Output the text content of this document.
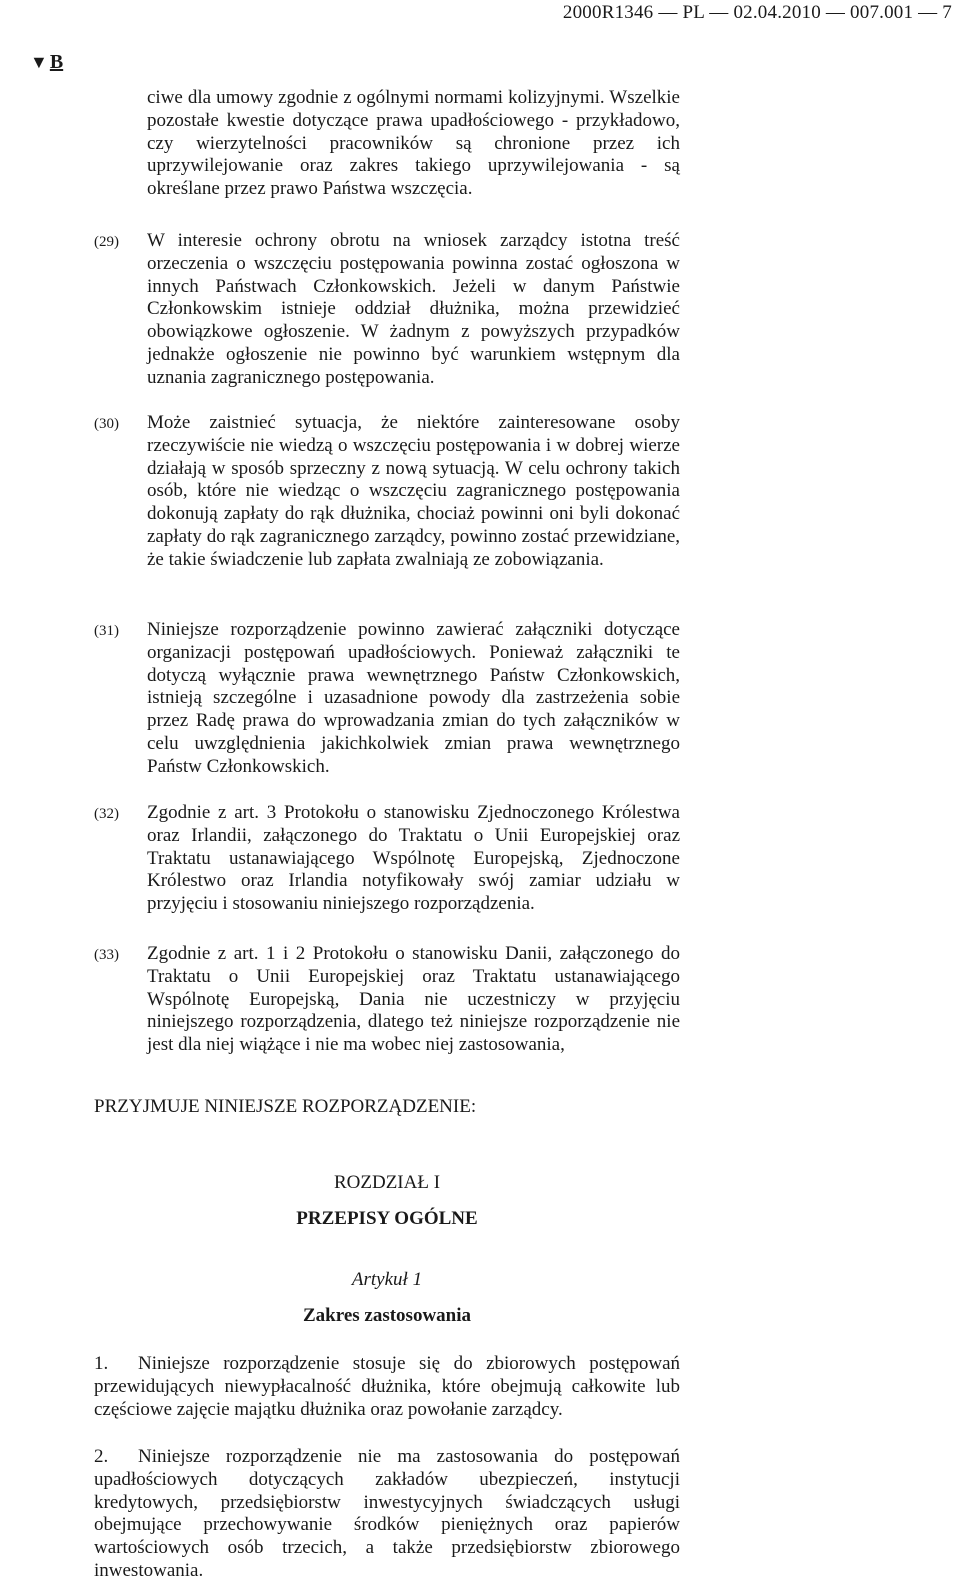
2000R1346 — PL — 02.04.2010 — 007.001 — 7
▼ B
ciwe dla umowy zgodnie z ogólnymi normami kolizyjnymi. Wszelkie pozostałe kwestie dotyczące prawa upadłościowego - przykładowo, czy wierzytelności pracowników są chronione przez ich uprzywilejowanie oraz zakres takiego uprzywilejowania - są określane przez prawo Państwa wszczęcia.
(29) W interesie ochrony obrotu na wniosek zarządcy istotna treść orzeczenia o wszczęciu postępowania powinna zostać ogłoszona w innych Państwach Członkowskich. Jeżeli w danym Państwie Członkowskim istnieje oddział dłużnika, można przewidzieć obowiązkowe ogłoszenie. W żadnym z powyższych przypadków jednakże ogłoszenie nie powinno być warunkiem wstępnym dla uznania zagranicznego postępowania.
(30) Może zaistnieć sytuacja, że niektóre zainteresowane osoby rzeczywiście nie wiedzą o wszczęciu postępowania i w dobrej wierze działają w sposób sprzeczny z nową sytuacją. W celu ochrony takich osób, które nie wiedząc o wszczęciu zagranicznego postępowania dokonują zapłaty do rąk dłużnika, chociaż powinni oni byli dokonać zapłaty do rąk zagranicznego zarządcy, powinno zostać przewidziane, że takie świadczenie lub zapłata zwalniają ze zobowiązania.
(31) Niniejsze rozporządzenie powinno zawierać załączniki dotyczące organizacji postępowań upadłościowych. Ponieważ załączniki te dotyczą wyłącznie prawa wewnętrznego Państw Członkowskich, istnieją szczególne i uzasadnione powody dla zastrzeżenia sobie przez Radę prawa do wprowadzania zmian do tych załączników w celu uwzględnienia jakichkolwiek zmian prawa wewnętrznego Państw Członkowskich.
(32) Zgodnie z art. 3 Protokołu o stanowisku Zjednoczonego Królestwa oraz Irlandii, załączonego do Traktatu o Unii Europejskiej oraz Traktatu ustanawiającego Wspólnotę Europejską, Zjednoczone Królestwo oraz Irlandia notyfikowały swój zamiar udziału w przyjęciu i stosowaniu niniejszego rozporządzenia.
(33) Zgodnie z art. 1 i 2 Protokołu o stanowisku Danii, załączonego do Traktatu o Unii Europejskiej oraz Traktatu ustanawiającego Wspólnotę Europejską, Dania nie uczestniczy w przyjęciu niniejszego rozporządzenia, dlatego też niniejsze rozporządzenie nie jest dla niej wiążące i nie ma wobec niej zastosowania,
PRZYJMUJE NINIEJSZE ROZPORZĄDZENIE:
ROZDZIAŁ I
PRZEPISY OGÓLNE
Artykuł 1
Zakres zastosowania
1. Niniejsze rozporządzenie stosuje się do zbiorowych postępowań przewidujących niewypłacalność dłużnika, które obejmują całkowite lub częściowe zajęcie majątku dłużnika oraz powołanie zarządcy.
2. Niniejsze rozporządzenie nie ma zastosowania do postępowań upadłościowych dotyczących zakładów ubezpieczeń, instytucji kredytowych, przedsiębiorstw inwestycyjnych świadczących usługi obejmujące przechowywanie środków pieniężnych oraz papierów wartościowych osób trzecich, a także przedsiębiorstw zbiorowego inwestowania.
